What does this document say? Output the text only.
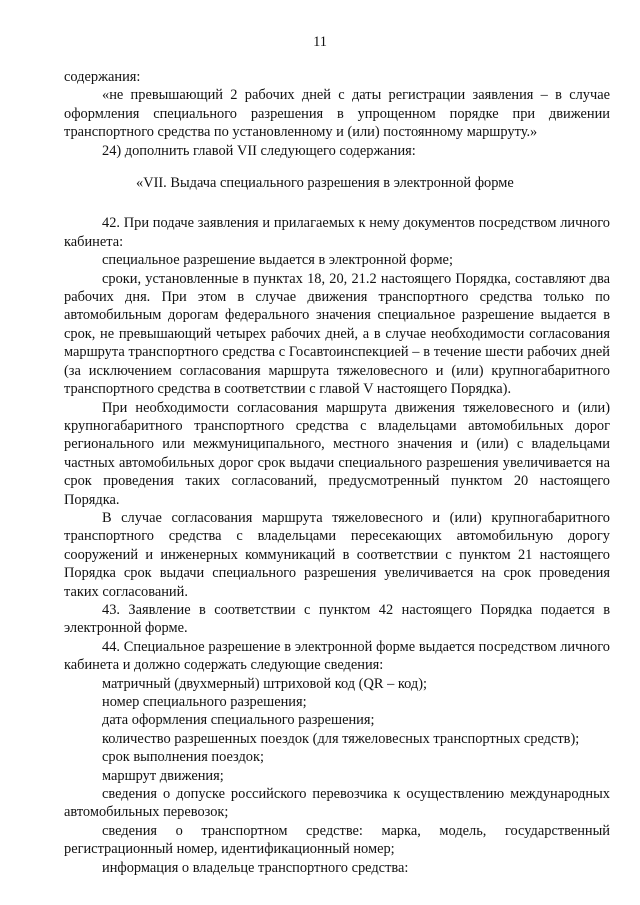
11

содержания:

«не превышающий 2 рабочих дней с даты регистрации заявления – в случае оформления специального разрешения в упрощенном порядке при движении транспортного средства по установленному и (или) постоянному маршруту.»

24) дополнить главой VII следующего содержания:

«VII. Выдача специального разрешения в электронной форме

42. При подаче заявления и прилагаемых к нему документов посредством личного кабинета:

специальное разрешение выдается в электронной форме;

сроки, установленные в пунктах 18, 20, 21.2 настоящего Порядка, составляют два рабочих дня. При этом в случае движения транспортного средства только по автомобильным дорогам федерального значения специальное разрешение выдается в срок, не превышающий четырех рабочих дней, а в случае необходимости согласования маршрута транспортного средства с Госавтоинспекцией – в течение шести рабочих дней (за исключением согласования маршрута тяжеловесного и (или) крупногабаритного транспортного средства в соответствии с главой V настоящего Порядка).

При необходимости согласования маршрута движения тяжеловесного и (или) крупногабаритного транспортного средства с владельцами автомобильных дорог регионального или межмуниципального, местного значения и (или) с владельцами частных автомобильных дорог срок выдачи специального разрешения увеличивается на срок проведения таких согласований, предусмотренный пунктом 20 настоящего Порядка.

В случае согласования маршрута тяжеловесного и (или) крупногабаритного транспортного средства с владельцами пересекающих автомобильную дорогу сооружений и инженерных коммуникаций в соответствии с пунктом 21 настоящего Порядка срок выдачи специального разрешения увеличивается на срок проведения таких согласований.

43. Заявление в соответствии с пунктом 42 настоящего Порядка подается в электронной форме.

44. Специальное разрешение в электронной форме выдается посредством личного кабинета и должно содержать следующие сведения:

матричный (двухмерный) штриховой код (QR – код);

номер специального разрешения;

дата оформления специального разрешения;

количество разрешенных поездок (для тяжеловесных транспортных средств);

срок выполнения поездок;

маршрут движения;

сведения о допуске российского перевозчика к осуществлению международных автомобильных перевозок;

сведения о транспортном средстве: марка, модель, государственный регистрационный номер, идентификационный номер;

информация о владельце транспортного средства:
